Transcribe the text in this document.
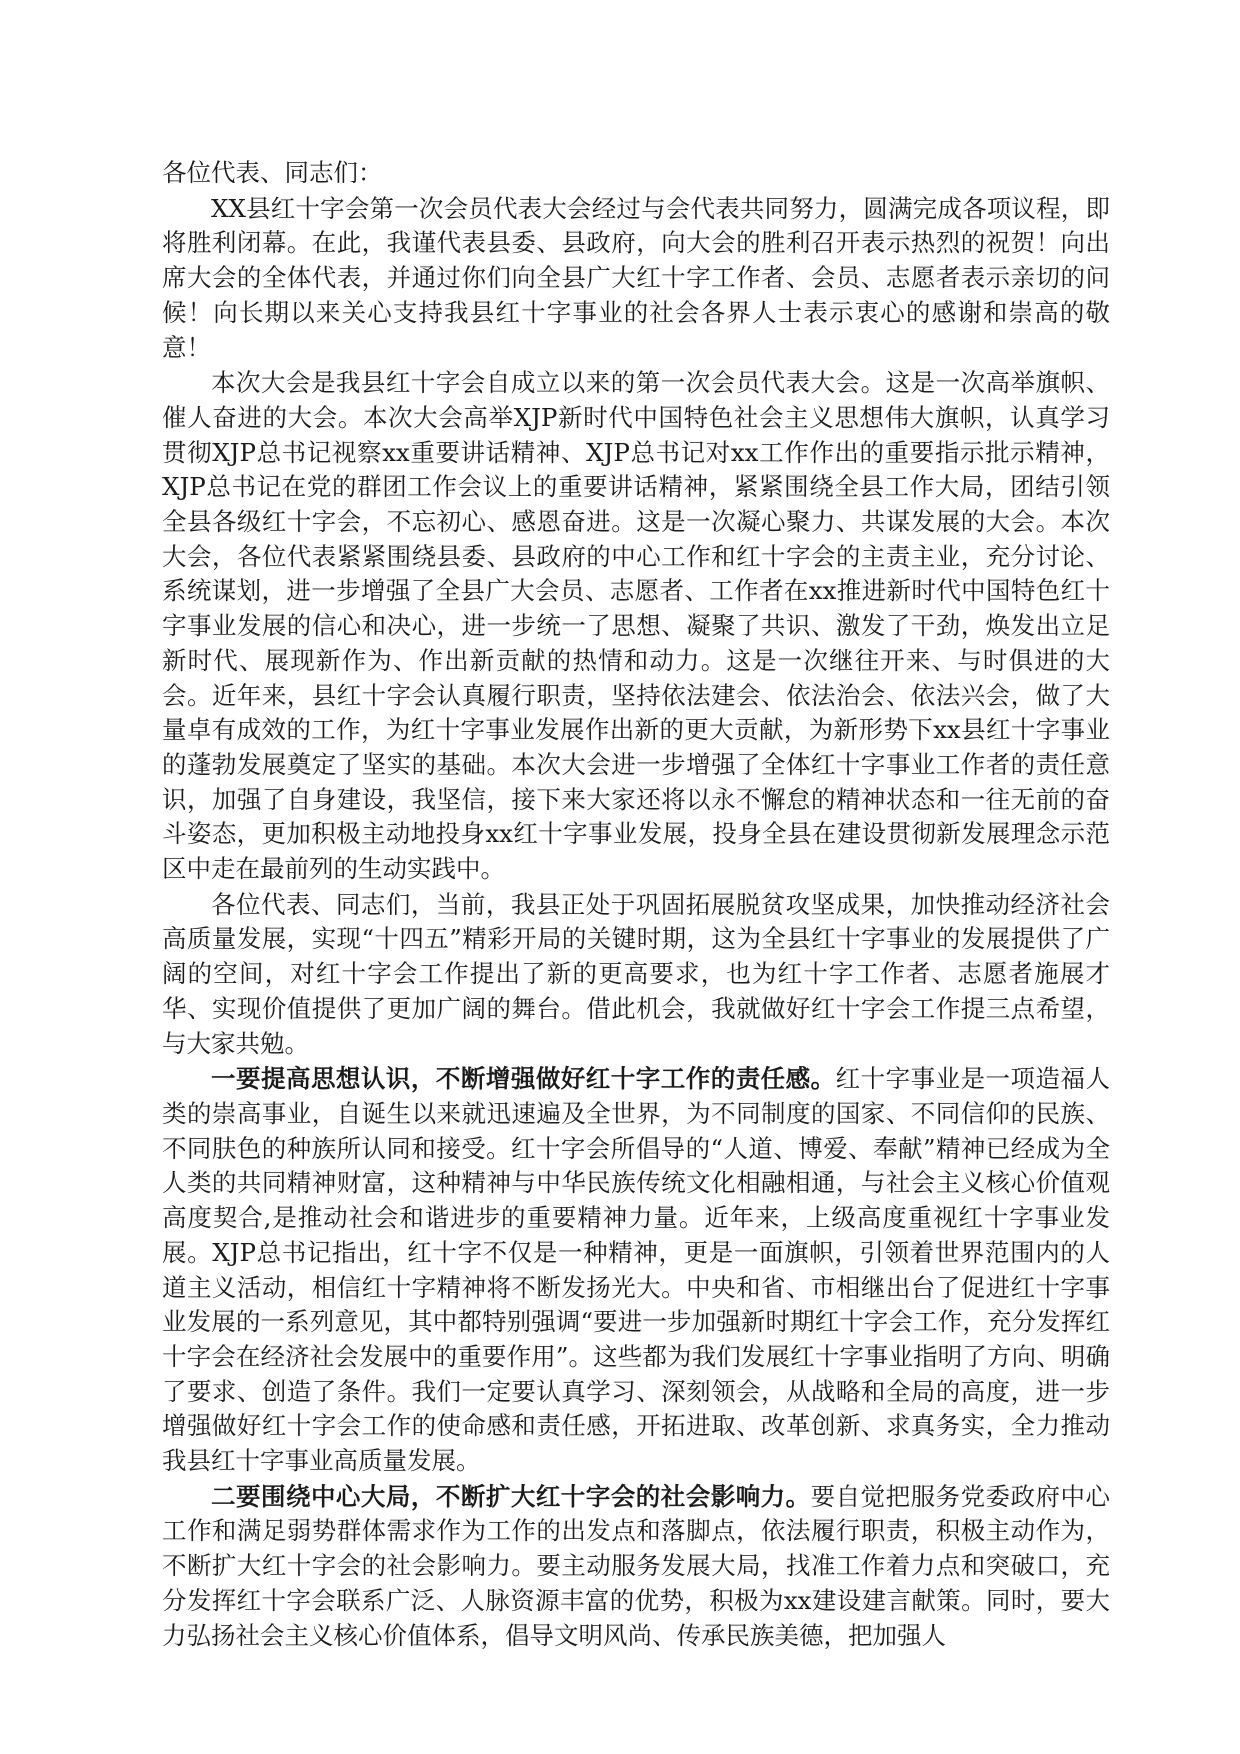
各位代表、同志们：

XX县红十字会第一次会员代表大会经过与会代表共同努力，圆满完成各项议程，即将胜利闭幕。在此，我谨代表县委、县政府，向大会的胜利召开表示热烈的祝贺！向出席大会的全体代表，并通过你们向全县广大红十字工作者、会员、志愿者表示亲切的问候！向长期以来关心支持我县红十字事业的社会各界人士表示衷心的感谢和崇高的敬意！

本次大会是我县红十字会自成立以来的第一次会员代表大会。这是一次高举旗帜、催人奋进的大会。本次大会高举XJP新时代中国特色社会主义思想伟大旗帜，认真学习贯彻XJP总书记视察xx重要讲话精神、XJP总书记对xx工作作出的重要指示批示精神，XJP总书记在党的群团工作会议上的重要讲话精神，紧紧围绕全县工作大局，团结引领全县各级红十字会，不忘初心、感恩奋进。这是一次凝心聚力、共谋发展的大会。本次大会，各位代表紧紧围绕县委、县政府的中心工作和红十字会的主责主业，充分讨论、系统谋划，进一步增强了全县广大会员、志愿者、工作者在xx推进新时代中国特色红十字事业发展的信心和决心，进一步统一了思想、凝聚了共识、激发了干劲，焕发出立足新时代、展现新作为、作出新贡献的热情和动力。这是一次继往开来、与时俱进的大会。近年来，县红十字会认真履行职责，坚持依法建会、依法治会、依法兴会，做了大量卓有成效的工作，为红十字事业发展作出新的更大贡献，为新形势下xx县红十字事业的蓬勃发展奠定了坚实的基础。本次大会进一步增强了全体红十字事业工作者的责任意识，加强了自身建设，我坚信，接下来大家还将以永不懈怠的精神状态和一往无前的奋斗姿态，更加积极主动地投身xx红十字事业发展，投身全县在建设贯彻新发展理念示范区中走在最前列的生动实践中。

各位代表、同志们，当前，我县正处于巩固拓展脱贫攻坚成果，加快推动经济社会高质量发展，实现“十四五”精彩开局的关键时期，这为全县红十字事业的发展提供了广阔的空间，对红十字会工作提出了新的更高要求，也为红十字工作者、志愿者施展才华、实现价值提供了更加广阔的舞台。借此机会，我就做好红十字会工作提三点希望，与大家共勉。

一要提高思想认识，不断增强做好红十字工作的责任感。红十字事业是一项造福人类的崇高事业，自诞生以来就迅速遍及全世界，为不同制度的国家、不同信仰的民族、不同肤色的种族所认同和接受。红十字会所倡导的“人道、博爱、奉献”精神已经成为全人类的共同精神财富，这种精神与中华民族传统文化相融相通，与社会主义核心价值观高度契合,是推动社会和谐进步的重要精神力量。近年来，上级高度重视红十字事业发展。XJP总书记指出，红十字不仅是一种精神，更是一面旗帜，引领着世界范围内的人道主义活动，相信红十字精神将不断发扬光大。中央和省、市相继出台了促进红十字事业发展的一系列意见，其中都特别强调“要进一步加强新时期红十字会工作，充分发挥红十字会在经济社会发展中的重要作用”。这些都为我们发展红十字事业指明了方向、明确了要求、创造了条件。我们一定要认真学习、深刻领会，从战略和全局的高度，进一步增强做好红十字会工作的使命感和责任感，开拓进取、改革创新、求真务实，全力推动我县红十字事业高质量发展。

二要围绕中心大局，不断扩大红十字会的社会影响力。要自觉把服务党委政府中心工作和满足弱势群体需求作为工作的出发点和落脚点，依法履行职责，积极主动作为，不断扩大红十字会的社会影响力。要主动服务发展大局，找准工作着力点和突破口，充分发挥红十字会联系广泛、人脉资源丰富的优势，积极为xx建设建言献策。同时，要大力弘扬社会主义核心价值体系，倡导文明风尚、传承民族美德，把加强人
